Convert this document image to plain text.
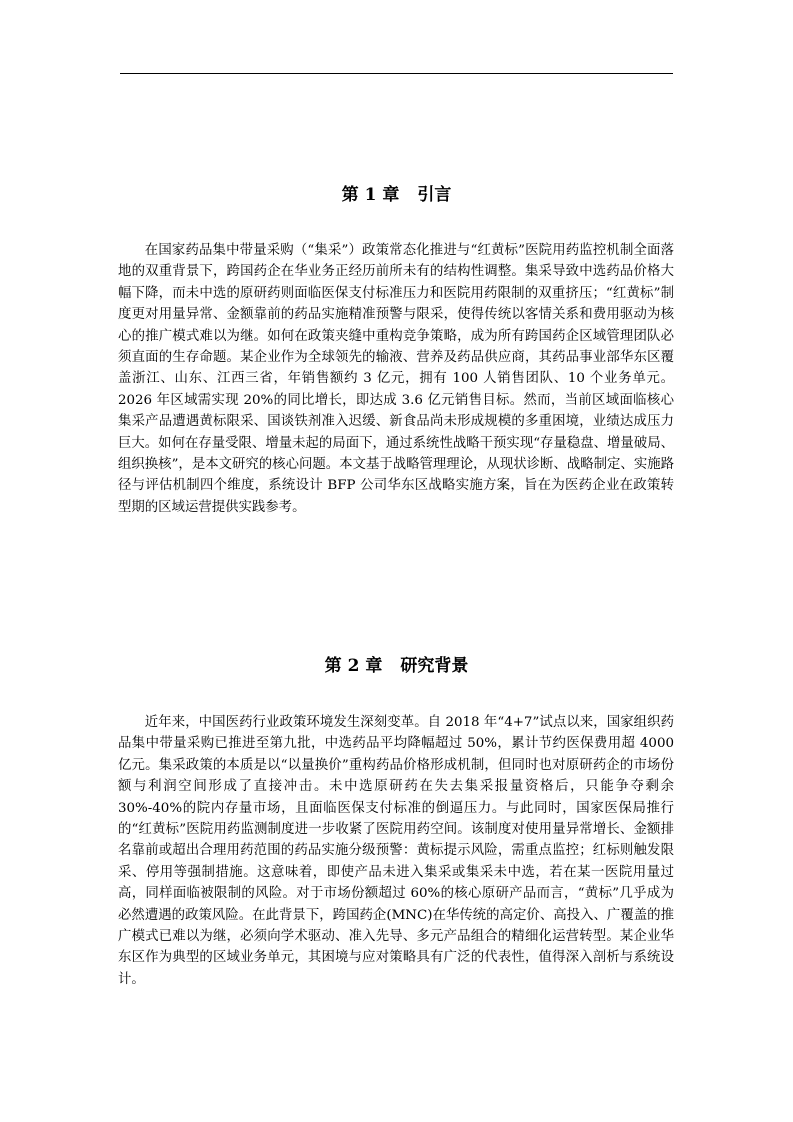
第 1 章 引言

在国家药品集中带量采购（“集采”）政策常态化推进与“红黄标”医院用药监控机制全面落地的双重背景下，跨国药企在华业务正经历前所未有的结构性调整。集采导致中选药品价格大幅下降，而未中选的原研药则面临医保支付标准压力和医院用药限制的双重挤压；“红黄标”制度更对用量异常、金额靠前的药品实施精准预警与限采，使得传统以客情关系和费用驱动为核心的推广模式难以为继。如何在政策夹缝中重构竞争策略，成为所有跨国药企区域管理团队必须直面的生存命题。某企业作为全球领先的输液、营养及药品供应商，其药品事业部华东区覆盖浙江、山东、江西三省，年销售额约 3 亿元，拥有 100 人销售团队、10 个业务单元。2026 年区域需实现 20%的同比增长，即达成 3.6 亿元销售目标。然而，当前区域面临核心集采产品遭遇黄标限采、国谈铁剂准入迟缓、新食品尚未形成规模的多重困境，业绩达成压力巨大。如何在存量受限、增量未起的局面下，通过系统性战略干预实现“存量稳盘、增量破局、组织换核”，是本文研究的核心问题。本文基于战略管理理论，从现状诊断、战略制定、实施路径与评估机制四个维度，系统设计 BFP 公司华东区战略实施方案，旨在为医药企业在政策转型期的区域运营提供实践参考。

第 2 章 研究背景

近年来，中国医药行业政策环境发生深刻变革。自 2018 年“4+7”试点以来，国家组织药品集中带量采购已推进至第九批，中选药品平均降幅超过 50%，累计节约医保费用超 4000 亿元。集采政策的本质是以“以量换价”重构药品价格形成机制，但同时也对原研药企的市场份额与利润空间形成了直接冲击。未中选原研药在失去集采报量资格后，只能争夺剩余 30%-40%的院内存量市场，且面临医保支付标准的倒逼压力。与此同时，国家医保局推行的“红黄标”医院用药监测制度进一步收紧了医院用药空间。该制度对使用量异常增长、金额排名靠前或超出合理用药范围的药品实施分级预警：黄标提示风险，需重点监控；红标则触发限采、停用等强制措施。这意味着，即使产品未进入集采或集采未中选，若在某一医院用量过高，同样面临被限制的风险。对于市场份额超过 60%的核心原研产品而言，“黄标”几乎成为必然遭遇的政策风险。在此背景下，跨国药企(MNC)在华传统的高定价、高投入、广覆盖的推广模式已难以为继，必须向学术驱动、准入先导、多元产品组合的精细化运营转型。某企业华东区作为典型的区域业务单元，其困境与应对策略具有广泛的代表性，值得深入剖析与系统设计。
